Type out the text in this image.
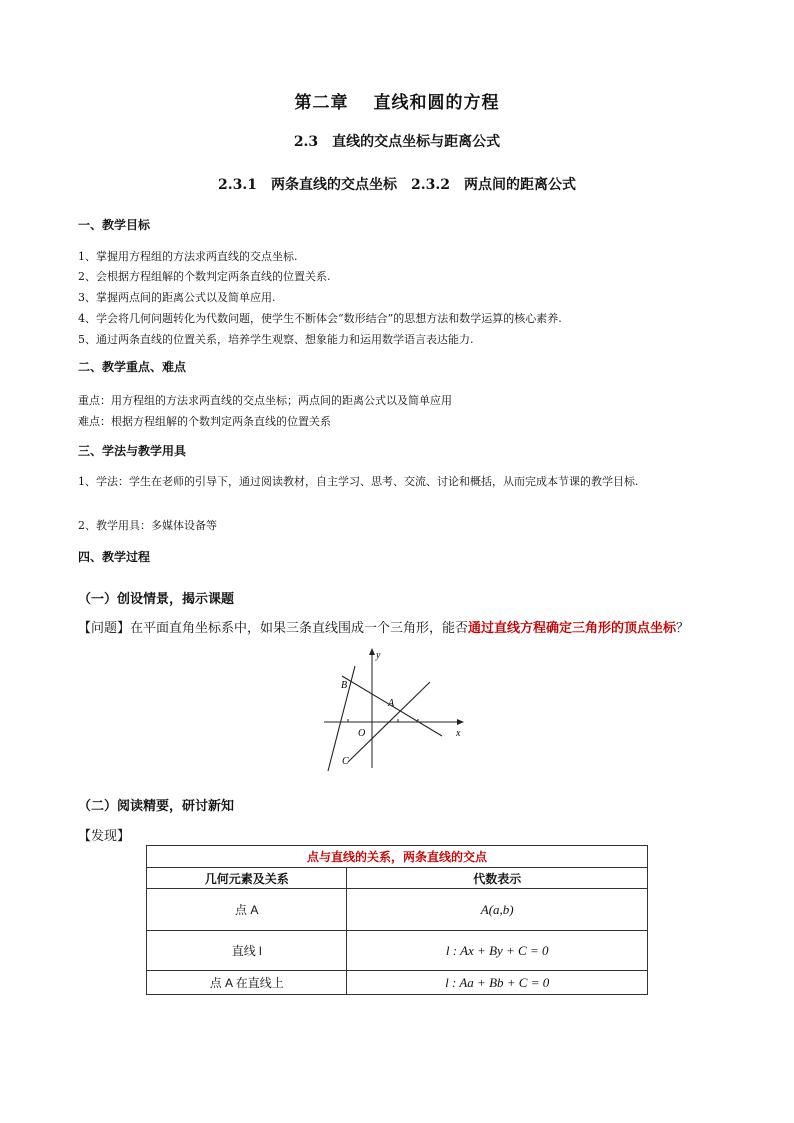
第二章　 直线和圆的方程
2.3　直线的交点坐标与距离公式
2.3.1　两条直线的交点坐标　2.3.2　两点间的距离公式
一、教学目标
1、掌握用方程组的方法求两直线的交点坐标.
2、会根据方程组解的个数判定两条直线的位置关系.
3、掌握两点间的距离公式以及简单应用.
4、学会将几何问题转化为代数问题，使学生不断体会“数形结合”的思想方法和数学运算的核心素养.
5、通过两条直线的位置关系，培养学生观察、想象能力和运用数学语言表达能力.
二、教学重点、难点
重点：用方程组的方法求两直线的交点坐标；两点间的距离公式以及简单应用
难点：根据方程组解的个数判定两条直线的位置关系
三、学法与教学用具
1、学法：学生在老师的引导下，通过阅读教材，自主学习、思考、交流、讨论和概括，从而完成本节课的教学目标.
2、教学用具：多媒体设备等
四、教学过程
（一）创设情景，揭示课题
【问题】在平面直角坐标系中，如果三条直线围成一个三角形，能否通过直线方程确定三角形的顶点坐标？
y
x
O
A
B
C
（二）阅读精要，研讨新知
【发现】
点与直线的关系，两条直线的交点	
几何元素及关系	代数表示
点 A	A(a,b)
直线 l	l : Ax + By + C = 0
点 A 在直线上	l : Aa + Bb + C = 0
